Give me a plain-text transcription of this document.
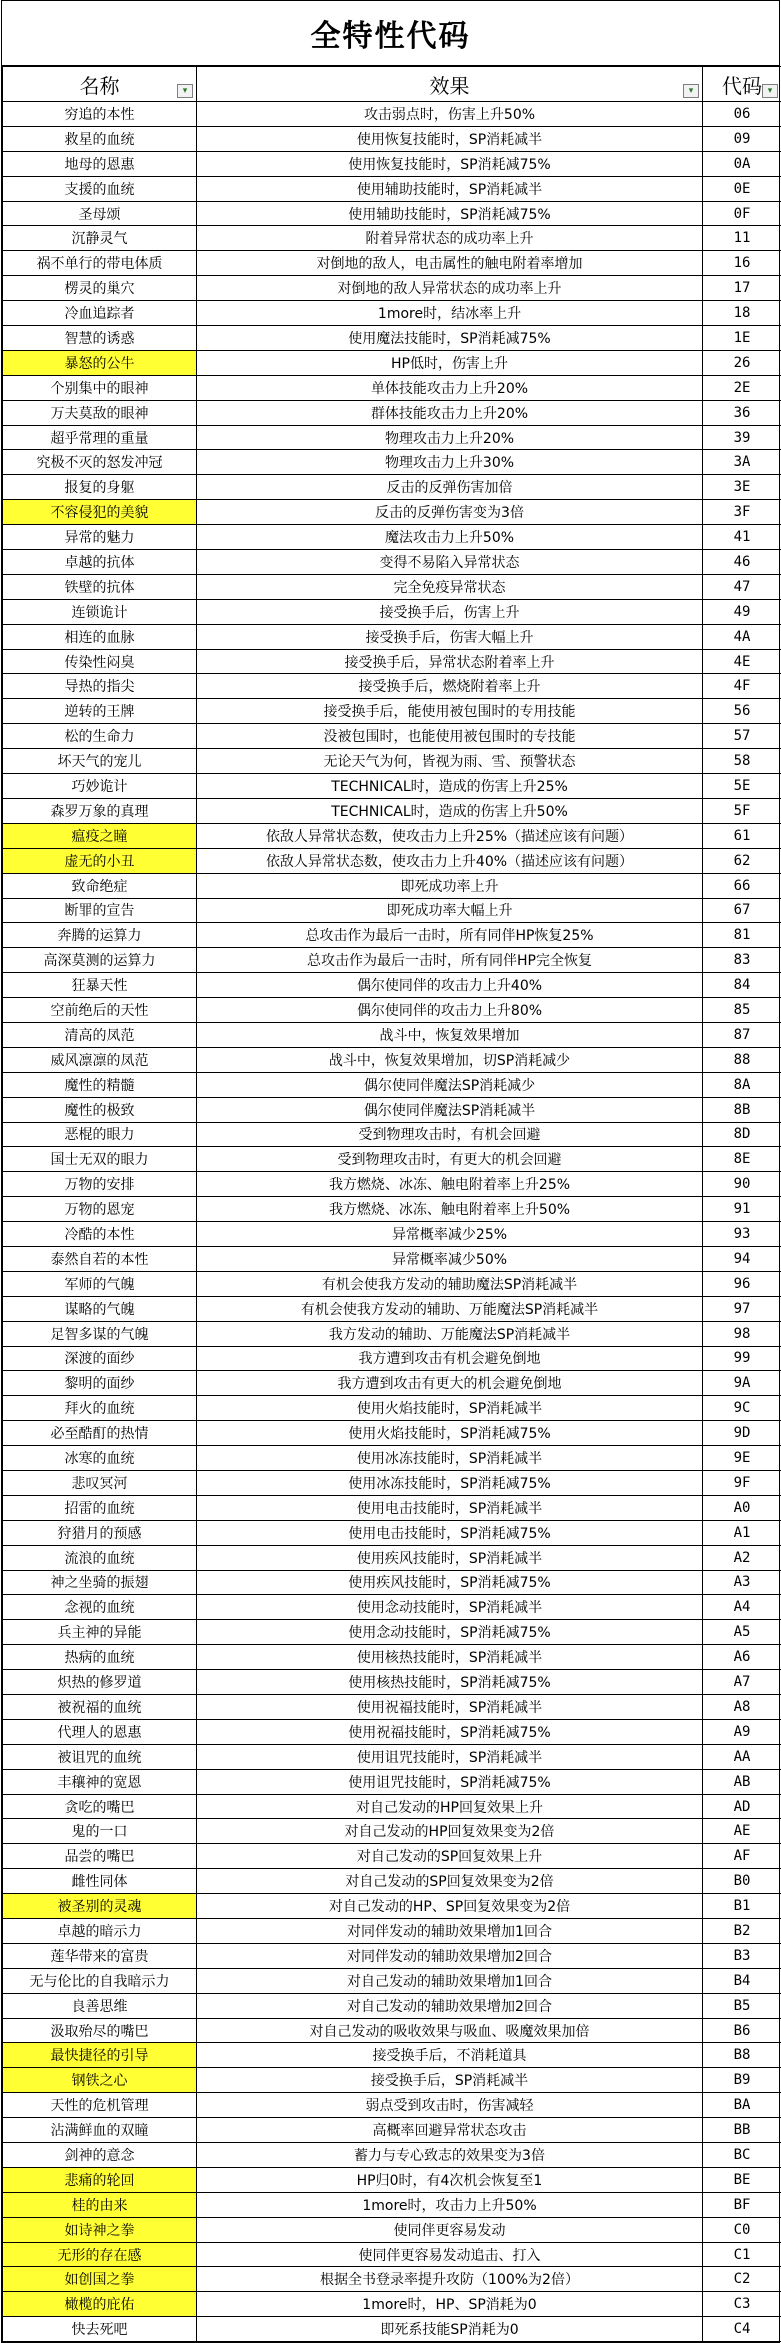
全特性代码
名称 ▾	效果 ▾	代码 ▾

穷追的本性	攻击弱点时，伤害上升50%	06
救星的血统	使用恢复技能时，SP消耗减半	09
地母的恩惠	使用恢复技能时，SP消耗减75%	0A
支援的血统	使用辅助技能时，SP消耗减半	0E
圣母颂	使用辅助技能时，SP消耗减75%	0F
沉静灵气	附着异常状态的成功率上升	11
祸不单行的带电体质	对倒地的敌人，电击属性的触电附着率增加	16
楞灵的巢穴	对倒地的敌人异常状态的成功率上升	17
冷血追踪者	1more时，结冰率上升	18
智慧的诱惑	使用魔法技能时，SP消耗减75%	1E
暴怒的公牛	HP低时，伤害上升	26
个别集中的眼神	单体技能攻击力上升20%	2E
万夫莫敌的眼神	群体技能攻击力上升20%	36
超乎常理的重量	物理攻击力上升20%	39
究极不灭的怒发冲冠	物理攻击力上升30%	3A
报复的身躯	反击的反弹伤害加倍	3E
不容侵犯的美貌	反击的反弹伤害变为3倍	3F
异常的魅力	魔法攻击力上升50%	41
卓越的抗体	变得不易陷入异常状态	46
铁壁的抗体	完全免疫异常状态	47
连锁诡计	接受换手后，伤害上升	49
相连的血脉	接受换手后，伤害大幅上升	4A
传染性闷臭	接受换手后，异常状态附着率上升	4E
导热的指尖	接受换手后，燃烧附着率上升	4F
逆转的王牌	接受换手后，能使用被包围时的专用技能	56
松的生命力	没被包围时，也能使用被包围时的专技能	57
坏天气的宠儿	无论天气为何，皆视为雨、雪、预警状态	58
巧妙诡计	TECHNICAL时，造成的伤害上升25%	5E
森罗万象的真理	TECHNICAL时，造成的伤害上升50%	5F
瘟疫之瞳	依敌人异常状态数，使攻击力上升25%（描述应该有问题）	61
虚无的小丑	依敌人异常状态数，使攻击力上升40%（描述应该有问题）	62
致命绝症	即死成功率上升	66
断罪的宣告	即死成功率大幅上升	67
奔腾的运算力	总攻击作为最后一击时，所有同伴HP恢复25%	81
高深莫测的运算力	总攻击作为最后一击时，所有同伴HP完全恢复	83
狂暴天性	偶尔使同伴的攻击力上升40%	84
空前绝后的天性	偶尔使同伴的攻击力上升80%	85
清高的凤范	战斗中，恢复效果增加	87
威风凛凛的凤范	战斗中，恢复效果增加，切SP消耗减少	88
魔性的精髓	偶尔使同伴魔法SP消耗减少	8A
魔性的极致	偶尔使同伴魔法SP消耗减半	8B
恶棍的眼力	受到物理攻击时，有机会回避	8D
国士无双的眼力	受到物理攻击时，有更大的机会回避	8E
万物的安排	我方燃烧、冰冻、触电附着率上升25%	90
万物的恩宠	我方燃烧、冰冻、触电附着率上升50%	91
冷酷的本性	异常概率减少25%	93
泰然自若的本性	异常概率减少50%	94
军师的气魄	有机会使我方发动的辅助魔法SP消耗减半	96
谋略的气魄	有机会使我方发动的辅助、万能魔法SP消耗减半	97
足智多谋的气魄	我方发动的辅助、万能魔法SP消耗减半	98
深渡的面纱	我方遭到攻击有机会避免倒地	99
黎明的面纱	我方遭到攻击有更大的机会避免倒地	9A
拜火的血统	使用火焰技能时，SP消耗减半	9C
必至酷酊的热情	使用火焰技能时，SP消耗减75%	9D
冰寒的血统	使用冰冻技能时，SP消耗减半	9E
悲叹冥河	使用冰冻技能时，SP消耗减75%	9F
招雷的血统	使用电击技能时，SP消耗减半	A0
狩猎月的预感	使用电击技能时，SP消耗减75%	A1
流浪的血统	使用疾风技能时，SP消耗减半	A2
神之坐骑的振翅	使用疾风技能时，SP消耗减75%	A3
念视的血统	使用念动技能时，SP消耗减半	A4
兵主神的异能	使用念动技能时，SP消耗减75%	A5
热病的血统	使用核热技能时，SP消耗减半	A6
炽热的修罗道	使用核热技能时，SP消耗减75%	A7
被祝福的血统	使用祝福技能时，SP消耗减半	A8
代理人的恩惠	使用祝福技能时，SP消耗减75%	A9
被诅咒的血统	使用诅咒技能时，SP消耗减半	AA
丰穰神的宽恩	使用诅咒技能时，SP消耗减75%	AB
贪吃的嘴巴	对自己发动的HP回复效果上升	AD
鬼的一口	对自己发动的HP回复效果变为2倍	AE
品尝的嘴巴	对自己发动的SP回复效果上升	AF
雌性同体	对自己发动的SP回复效果变为2倍	B0
被圣别的灵魂	对自己发动的HP、SP回复效果变为2倍	B1
卓越的暗示力	对同伴发动的辅助效果增加1回合	B2
莲华带来的富贵	对同伴发动的辅助效果增加2回合	B3
无与伦比的自我暗示力	对自己发动的辅助效果增加1回合	B4
良善思维	对自己发动的辅助效果增加2回合	B5
汲取殆尽的嘴巴	对自己发动的吸收效果与吸血、吸魔效果加倍	B6
最快捷径的引导	接受换手后，不消耗道具	B8
钢铁之心	接受换手后，SP消耗减半	B9
天性的危机管理	弱点受到攻击时，伤害减轻	BA
沾满鲜血的双瞳	高概率回避异常状态攻击	BB
剑神的意念	蓄力与专心致志的效果变为3倍	BC
悲痛的轮回	HP归0时，有4次机会恢复至1	BE
桂的由来	1more时，攻击力上升50%	BF
如诗神之拳	使同伴更容易发动	C0
无形的存在感	使同伴更容易发动追击、打入	C1
如创国之拳	根据全书登录率提升攻防（100%为2倍）	C2
橄榄的庇佑	1more时，HP、SP消耗为0	C3
快去死吧	即死系技能SP消耗为0	C4
